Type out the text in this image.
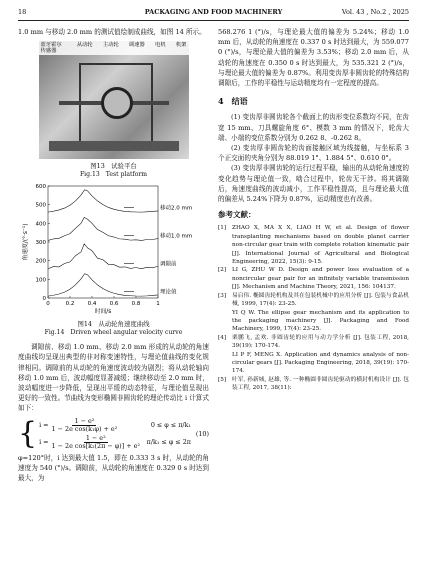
18	PACKAGING AND FOOD MACHINERY	Vol. 43 , No.2 , 2025

1.0 mm 与移动 2.0 mm 的测试值绘制成曲线，如图 14 所示。

蓝牙霍尔传感器
从动轮 主动轮 调速器 电机 机架
图13　试验平台
Fig.13　Test platform
0
100
200
300
400
500
600
0	0.2 0.4 0.6 0.8	1
时间/s
角速度/(°·s⁻¹)
移动2.0 mm
移动1.0 mm
调隙前
理论值
图14　从动轮角速度曲线
Fig.14　Driven wheel angular velocity curve

调隙前、移动 1.0 mm、移动 2.0 mm 形成的从动轮的角速度曲线均呈现出典型的非对称变速特性，与理论值曲线的变化规律相同。调隙前的从动轮的角速度波动较为剧烈；将从动轮轴向移动 1.0 mm 后，波动幅度显著减缓；继续移动至 2.0 mm 时，波动幅度进一步降低，呈现出平缓的动态特征，与理论值呈现出更好的一致性。节曲线为变形椭圆非圆齿轮的理论传动比 i 计算式如下：

{ $i = \frac{\text{1 − e²}}{\text{1 − 2e cos(k₁φ) + e²}}$	0 ≤ φ ≤ π/k₁
$i = \frac{\text{1 − e²}}{\text{1 − 2e cos[k₂(2π − φ)] + e²}} \pi/k_1 \le \varphi \le 2\pi$
(10)

φ=120°时，i 达到最大值 1.5，即在 0.333 3 s 时，从动轮的角速度为 540 (°)/s。调隙前，从动轮的角速度在 0.329 0 s 时达到最大，为

568.276 1 (°)/s，与理论最大值的偏差为 5.24%；移动 1.0 mm 后，从动轮的角速度在 0.337 0 s 时达到最大，为 559.077 0 (°)/s，与理论最大值的偏差为 3.53%；移动 2.0 mm 后，从动轮的角速度在 0.350 0 s 时达到最大，为 535.321 2 (°)/s，与理论最大值的偏差为 0.87%。利用变齿厚非圆齿轮的特殊结构调隙后，工作的平稳性与运动精度均有一定程度的提高。

4　结语

(1) 变齿厚非圆齿轮各个截面上的齿形变位系数均不同，在齿宽 15 mm、刀具螺旋角度 6°、模数 3 mm 的情况下，轮齿大端、小端的变位系数分别为 0.262 8、-0.262 8。

(2) 变齿厚非圆齿轮的齿面接触区域为线接触，与坐标系 3 个正交面的夹角分别为 88.019 1°、1.884 5°、0.610 0°。

(3) 变齿厚非圆齿轮的运行过程平稳，输出的从动轮角速度的变化趋势与理论值一致，啮合过程中，轮齿无干涉。将其调隙后，角速度曲线的波动减小，工作平稳性提高，且与理论最大值的偏差从 5.24%下降为 0.87%，运动精度也有改善。

参考文献：
[1]	ZHAO X, MA X X, LIAO H W, et al. Design of flower transplanting mechanisms based on double planet carrier non-circular gear train with complete rotation kinematic pair [J]. International Journal of Agricultural and Biological Engineering, 2022, 15(3): 9-15.
[2]	LI G, ZHU W D. Design and power loss evaluation of a noncircular gear pair for an infinitely variable transmission [J]. Mechanism and Machine Theory, 2021, 156: 104137.
[3]	易启伟. 椭圆齿轮机构及其在包装机械中的应用分析 [J]. 包装与食品机械, 1999, 17(4): 23-25.
YI Q W. The ellipse gear mechanism and its application to the packaging machinery [J]. Packaging and Food Machinery, 1999, 17(4): 23-25.
[4]	栗鹏飞, 孟欢. 非圆齿轮的应用与动力学分析 [J]. 包装工程, 2018, 39(19): 170-174.
LI P F, MENG X. Application and dynamics analysis of non-circular gears [J]. Packaging Engineering, 2018, 39(19): 170-174.
[5]	叶军, 孙新城, 赵雄, 等. 一种椭圆非圆齿轮驱动的横封机构设计 [J]. 包装工程, 2017, 38(11):
